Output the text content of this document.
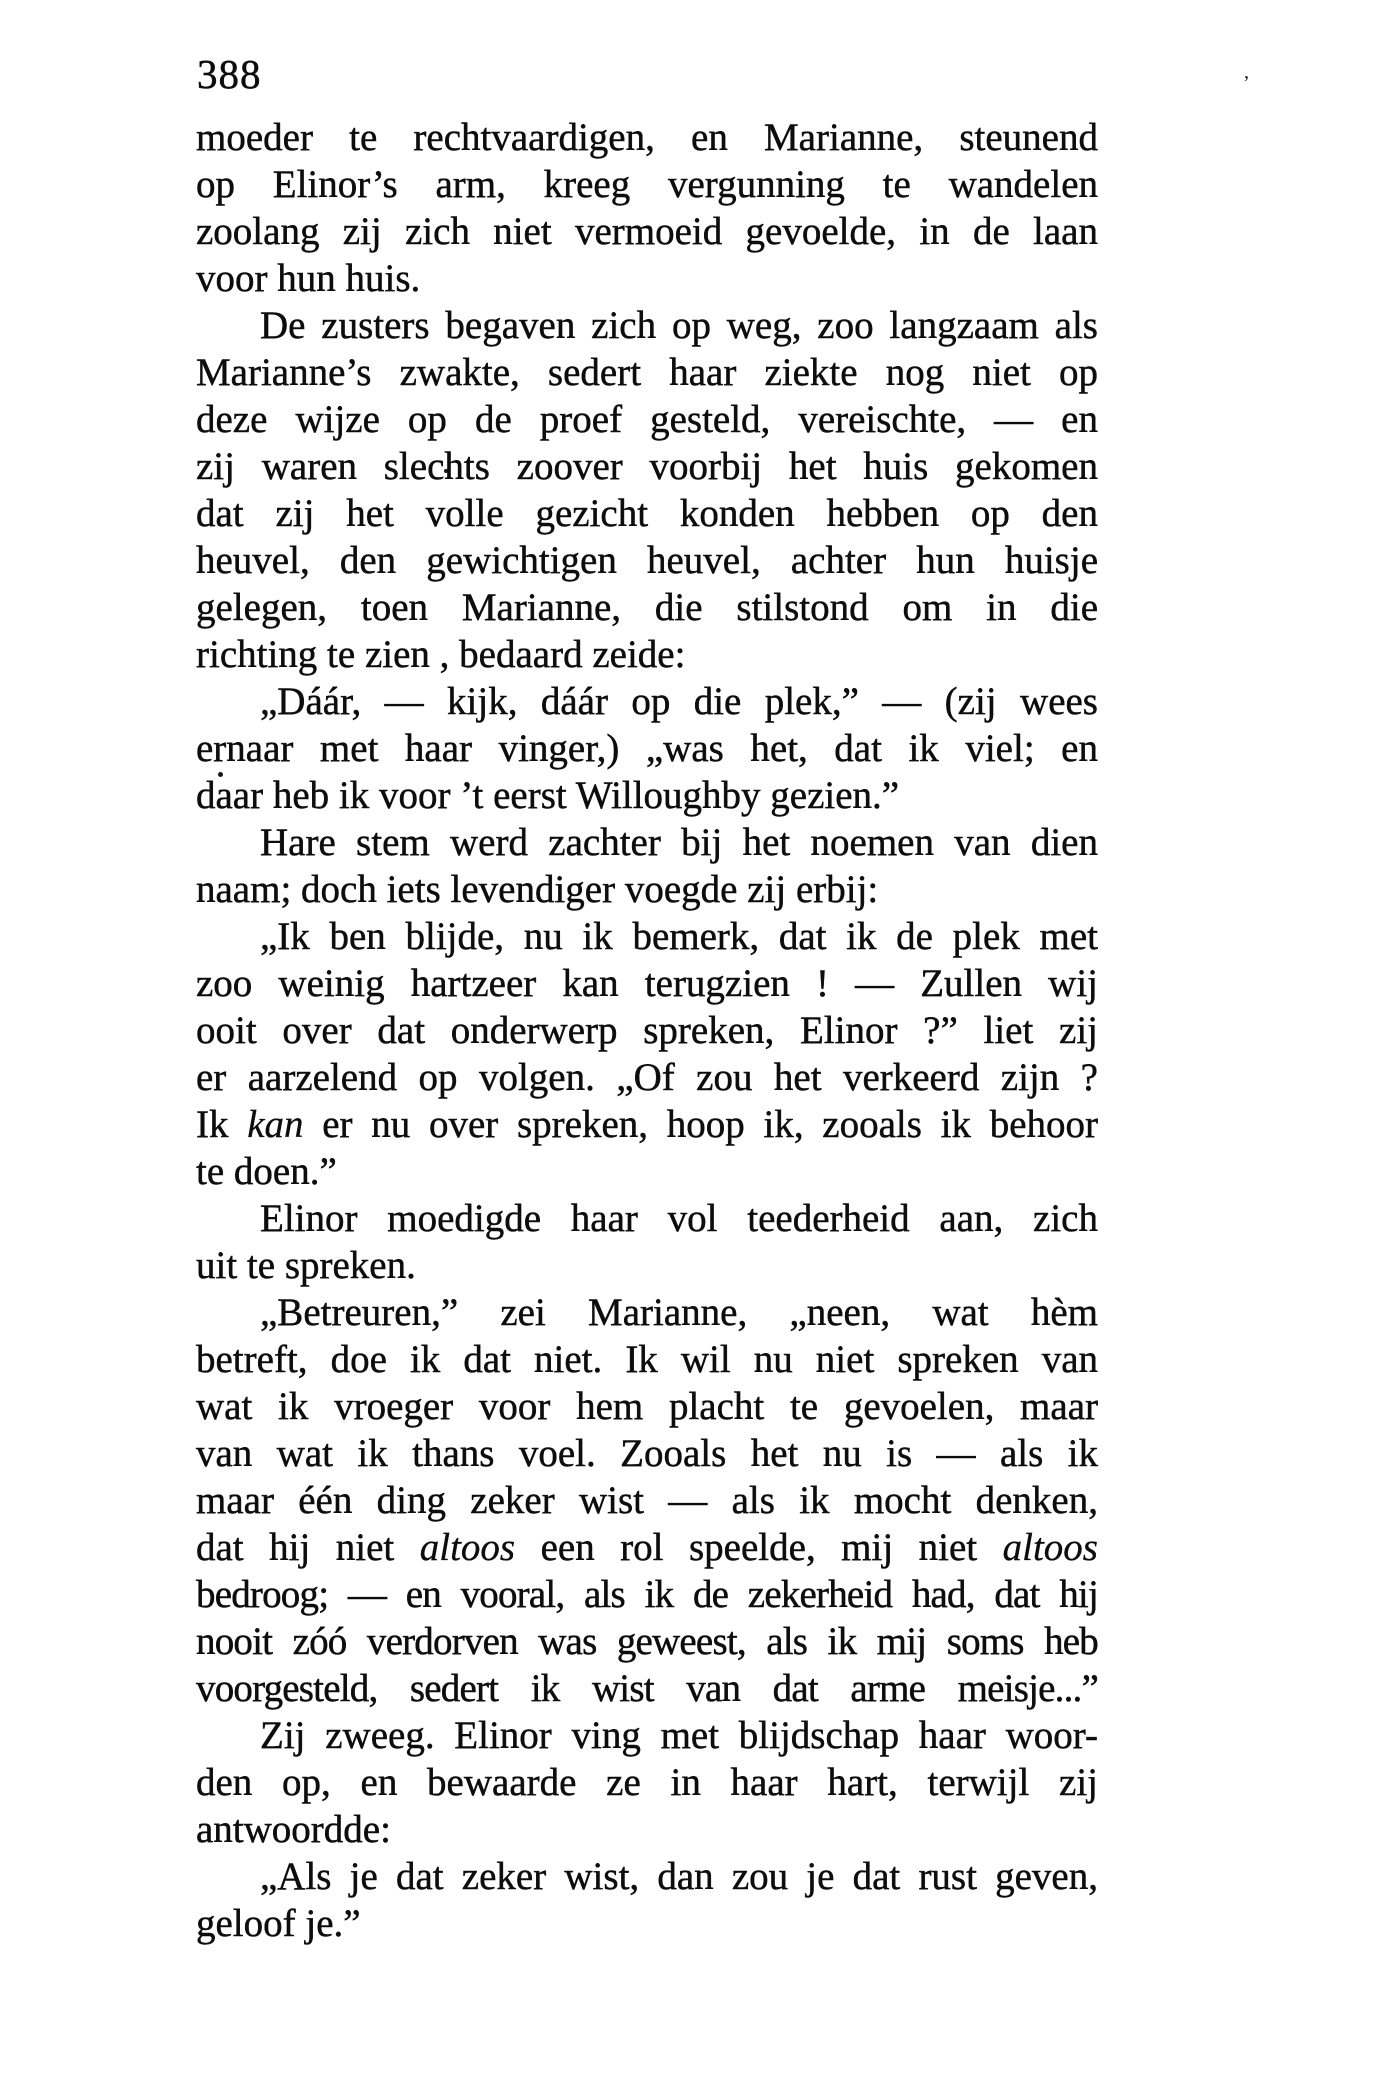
388	’
moeder te rechtvaardigen, en Marianne, steunend
op Elinor’s arm, kreeg vergunning te wandelen
zoolang zij zich niet vermoeid gevoelde, in de laan
voor hun huis.
De zusters begaven zich op weg, zoo langzaam als
Marianne’s zwakte, sedert haar ziekte nog niet op
deze wijze op de proef gesteld, vereischte, — en
zij waren slechts zoover voorbij het huis gekomen
dat zij het volle gezicht konden hebben op den
heuvel, den gewichtigen heuvel, achter hun huisje
gelegen, toen Marianne, die stilstond om in die
richting te zien , bedaard zeide:
„Dáár, — kijk, dáár op die plek,” — (zij wees
ernaar met haar vinger,) „was het, dat ik viel; en
daar heb ik voor ’t eerst Willoughby gezien.”
Hare stem werd zachter bij het noemen van dien
naam; doch iets levendiger voegde zij erbij:
„Ik ben blijde, nu ik bemerk, dat ik de plek met
zoo weinig hartzeer kan terugzien ! — Zullen wij
ooit over dat onderwerp spreken, Elinor ?” liet zij
er aarzelend op volgen. „Of zou het verkeerd zijn ?
Ik kan er nu over spreken, hoop ik, zooals ik behoor
te doen.”
Elinor moedigde haar vol teederheid aan, zich
uit te spreken.
„Betreuren,” zei Marianne, „neen, wat hèm
betreft, doe ik dat niet. Ik wil nu niet spreken van
wat ik vroeger voor hem placht te gevoelen, maar
van wat ik thans voel. Zooals het nu is — als ik
maar één ding zeker wist — als ik mocht denken,
dat hij niet altoos een rol speelde, mij niet altoos
bedroog; — en vooral, als ik de zekerheid had, dat hij
nooit zóó verdorven was geweest, als ik mij soms heb
voorgesteld, sedert ik wist van dat arme meisje...”
Zij zweeg. Elinor ving met blijdschap haar woor-
den op, en bewaarde ze in haar hart, terwijl zij
antwoordde:
„Als je dat zeker wist, dan zou je dat rust geven,
geloof je.”
